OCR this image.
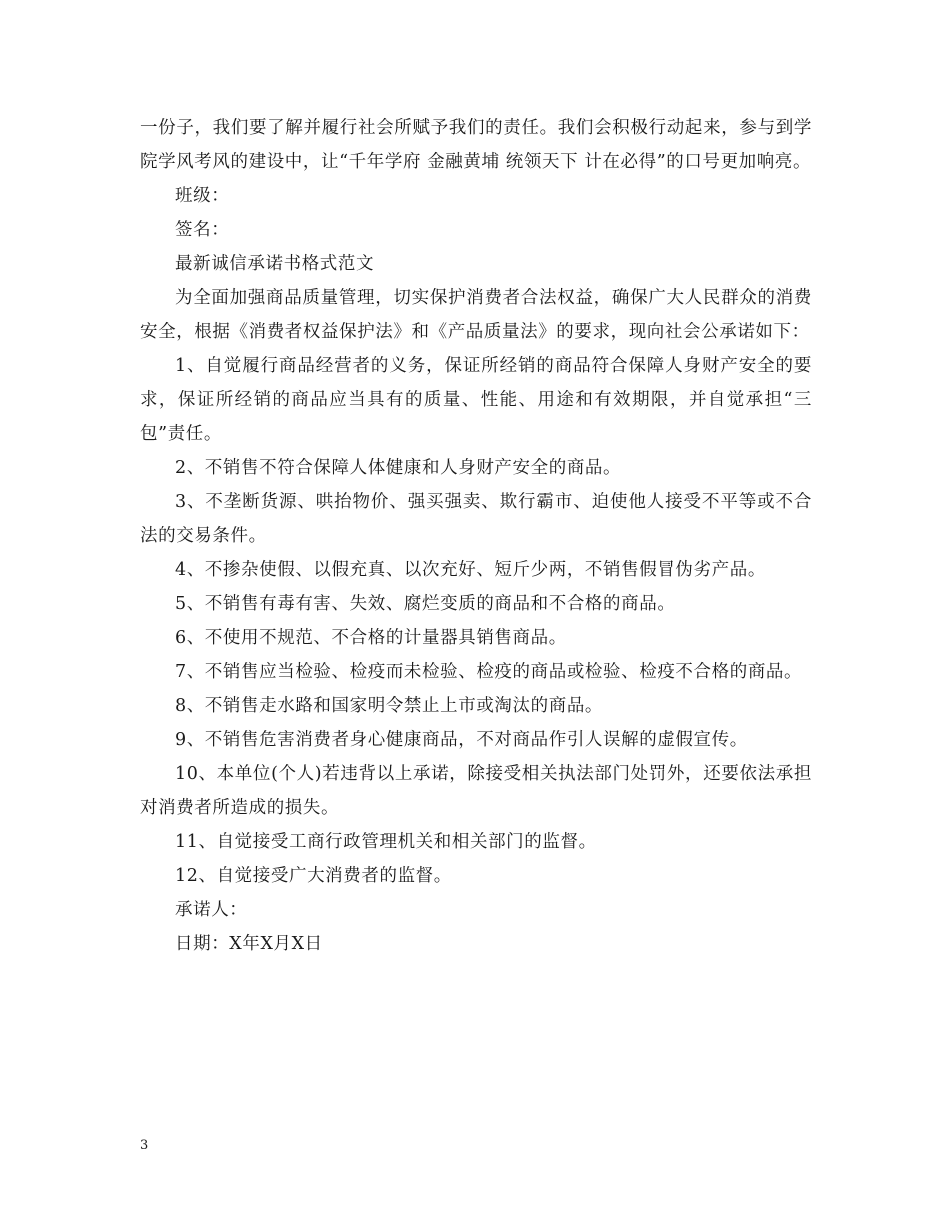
一份子，我们要了解并履行社会所赋予我们的责任。我们会积极行动起来，参与到学院学风考风的建设中，让“千年学府 金融黄埔 统领天下 计在必得”的口号更加响亮。

班级：

签名：

最新诚信承诺书格式范文

为全面加强商品质量管理，切实保护消费者合法权益，确保广大人民群众的消费安全，根据《消费者权益保护法》和《产品质量法》的要求，现向社会公承诺如下：

1、自觉履行商品经营者的义务，保证所经销的商品符合保障人身财产安全的要求，保证所经销的商品应当具有的质量、性能、用途和有效期限，并自觉承担“三包”责任。

2、不销售不符合保障人体健康和人身财产安全的商品。

3、不垄断货源、哄抬物价、强买强卖、欺行霸市、迫使他人接受不平等或不合法的交易条件。

4、不掺杂使假、以假充真、以次充好、短斤少两，不销售假冒伪劣产品。

5、不销售有毒有害、失效、腐烂变质的商品和不合格的商品。

6、不使用不规范、不合格的计量器具销售商品。

7、不销售应当检验、检疫而未检验、检疫的商品或检验、检疫不合格的商品。

8、不销售走水路和国家明令禁止上市或淘汰的商品。

9、不销售危害消费者身心健康商品，不对商品作引人误解的虚假宣传。

10、本单位(个人)若违背以上承诺，除接受相关执法部门处罚外，还要依法承担对消费者所造成的损失。

11、自觉接受工商行政管理机关和相关部门的监督。

12、自觉接受广大消费者的监督。

承诺人：

日期：X年X月X日

3
